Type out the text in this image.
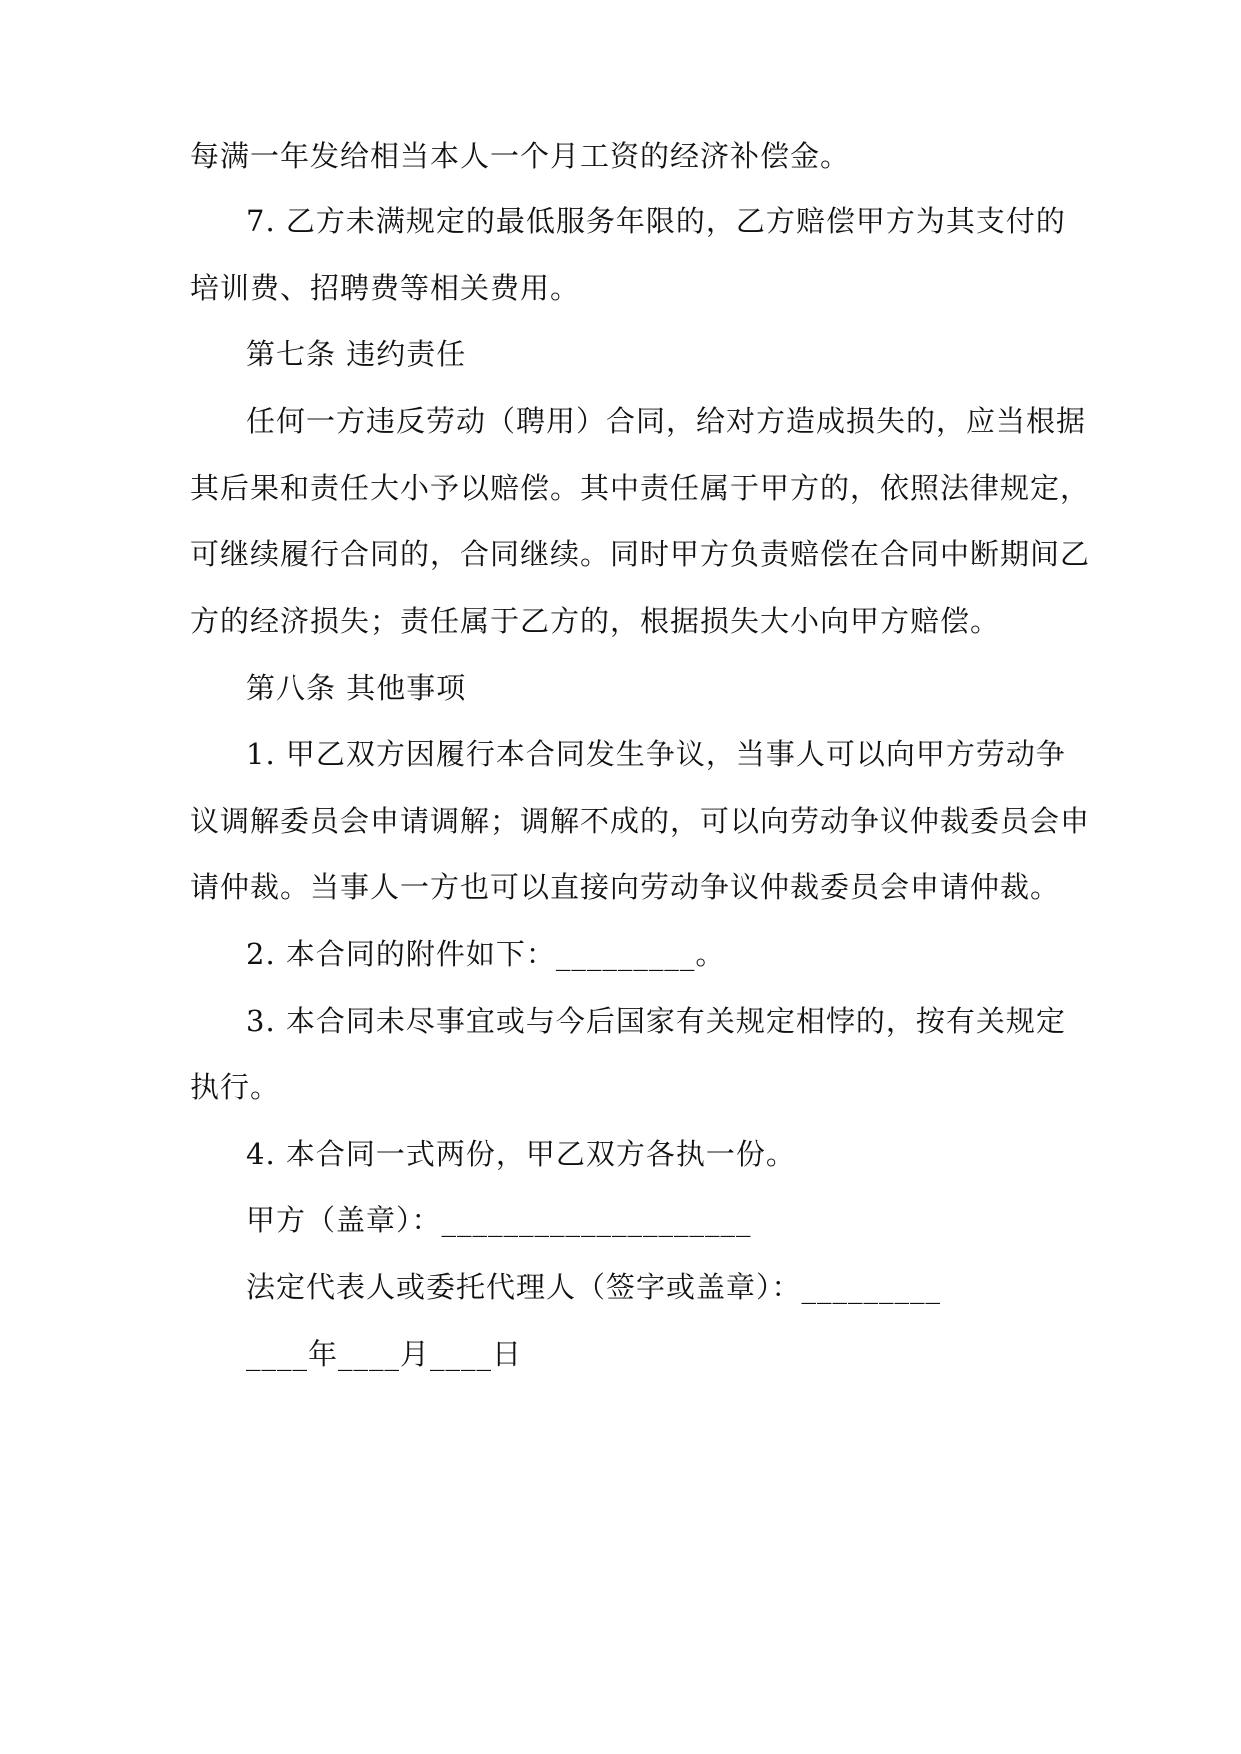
每满一年发给相当本人一个月工资的经济补偿金。
7. 乙方未满规定的最低服务年限的，乙方赔偿甲方为其支付的
培训费、招聘费等相关费用。
第七条 违约责任
任何一方违反劳动（聘用）合同，给对方造成损失的，应当根据
其后果和责任大小予以赔偿。其中责任属于甲方的，依照法律规定，
可继续履行合同的，合同继续。同时甲方负责赔偿在合同中断期间乙
方的经济损失；责任属于乙方的，根据损失大小向甲方赔偿。
第八条 其他事项
1. 甲乙双方因履行本合同发生争议，当事人可以向甲方劳动争
议调解委员会申请调解；调解不成的，可以向劳动争议仲裁委员会申
请仲裁。当事人一方也可以直接向劳动争议仲裁委员会申请仲裁。
2. 本合同的附件如下：_________。
3. 本合同未尽事宜或与今后国家有关规定相悖的，按有关规定
执行。
4. 本合同一式两份，甲乙双方各执一份。
甲方（盖章）：____________________
法定代表人或委托代理人（签字或盖章）：_________
____年____月____日
